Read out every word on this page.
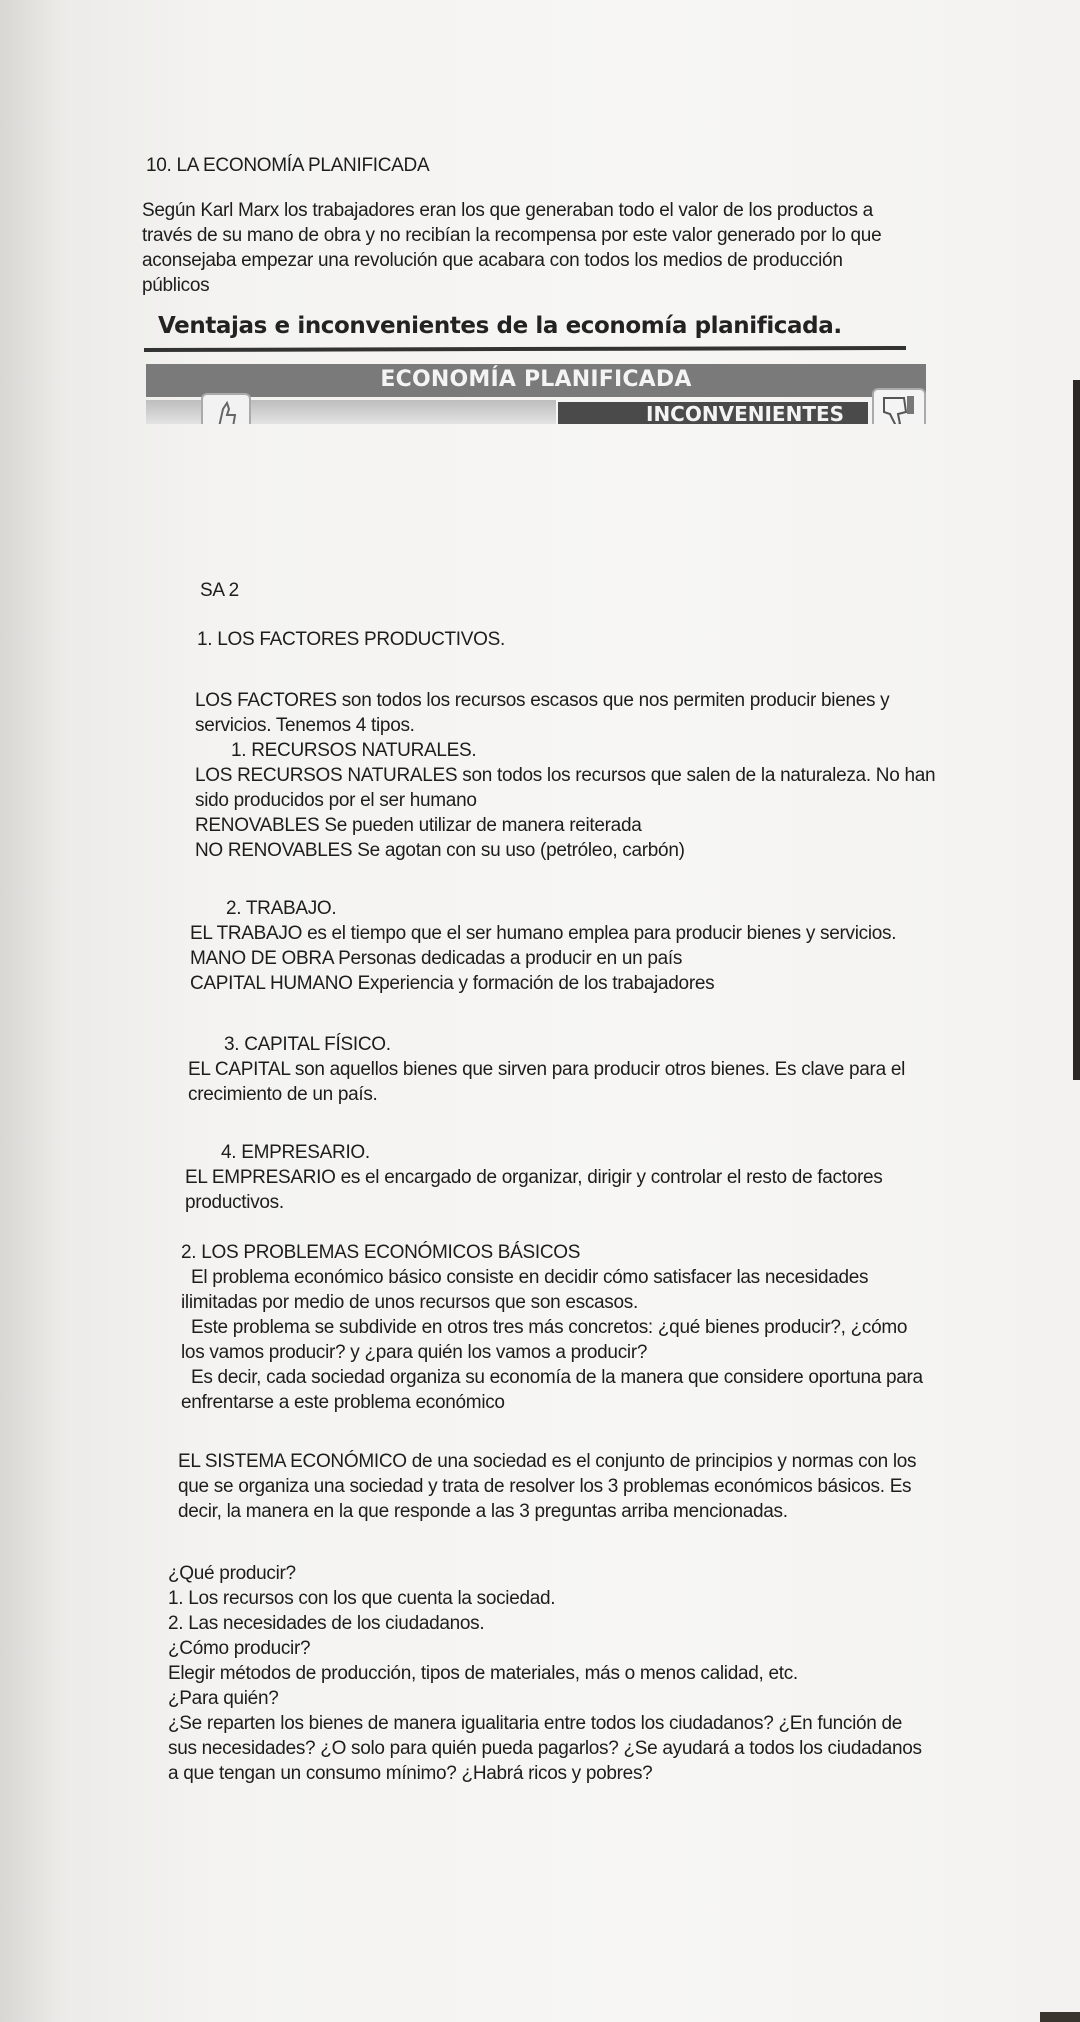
10. LA ECONOMÍA PLANIFICADA
Según Karl Marx los trabajadores eran los que generaban todo el valor de los productos a
través de su mano de obra y no recibían la recompensa por este valor generado por lo que
aconsejaba empezar una revolución que acabara con todos los medios de producción
públicos
Ventajas e inconvenientes de la economía planificada.
ECONOMÍA PLANIFICADA
INCONVENIENTES
SA 2
1. LOS FACTORES PRODUCTIVOS.
LOS FACTORES son todos los recursos escasos que nos permiten producir bienes y
servicios. Tenemos 4 tipos.
1. RECURSOS NATURALES.
LOS RECURSOS NATURALES son todos los recursos que salen de la naturaleza. No han
sido producidos por el ser humano
RENOVABLES Se pueden utilizar de manera reiterada
NO RENOVABLES Se agotan con su uso (petróleo, carbón)
2. TRABAJO.
EL TRABAJO es el tiempo que el ser humano emplea para producir bienes y servicios.
MANO DE OBRA Personas dedicadas a producir en un país
CAPITAL HUMANO Experiencia y formación de los trabajadores
3. CAPITAL FÍSICO.
EL CAPITAL son aquellos bienes que sirven para producir otros bienes. Es clave para el
crecimiento de un país.
4. EMPRESARIO.
EL EMPRESARIO es el encargado de organizar, dirigir y controlar el resto de factores
productivos.
2. LOS PROBLEMAS ECONÓMICOS BÁSICOS
El problema económico básico consiste en decidir cómo satisfacer las necesidades
ilimitadas por medio de unos recursos que son escasos.
Este problema se subdivide en otros tres más concretos: ¿qué bienes producir?, ¿cómo
los vamos producir? y ¿para quién los vamos a producir?
Es decir, cada sociedad organiza su economía de la manera que considere oportuna para
enfrentarse a este problema económico
EL SISTEMA ECONÓMICO de una sociedad es el conjunto de principios y normas con los
que se organiza una sociedad y trata de resolver los 3 problemas económicos básicos. Es
decir, la manera en la que responde a las 3 preguntas arriba mencionadas.
¿Qué producir?
1. Los recursos con los que cuenta la sociedad.
2. Las necesidades de los ciudadanos.
¿Cómo producir?
Elegir métodos de producción, tipos de materiales, más o menos calidad, etc.
¿Para quién?
¿Se reparten los bienes de manera igualitaria entre todos los ciudadanos? ¿En función de
sus necesidades? ¿O solo para quién pueda pagarlos? ¿Se ayudará a todos los ciudadanos
a que tengan un consumo mínimo? ¿Habrá ricos y pobres?
